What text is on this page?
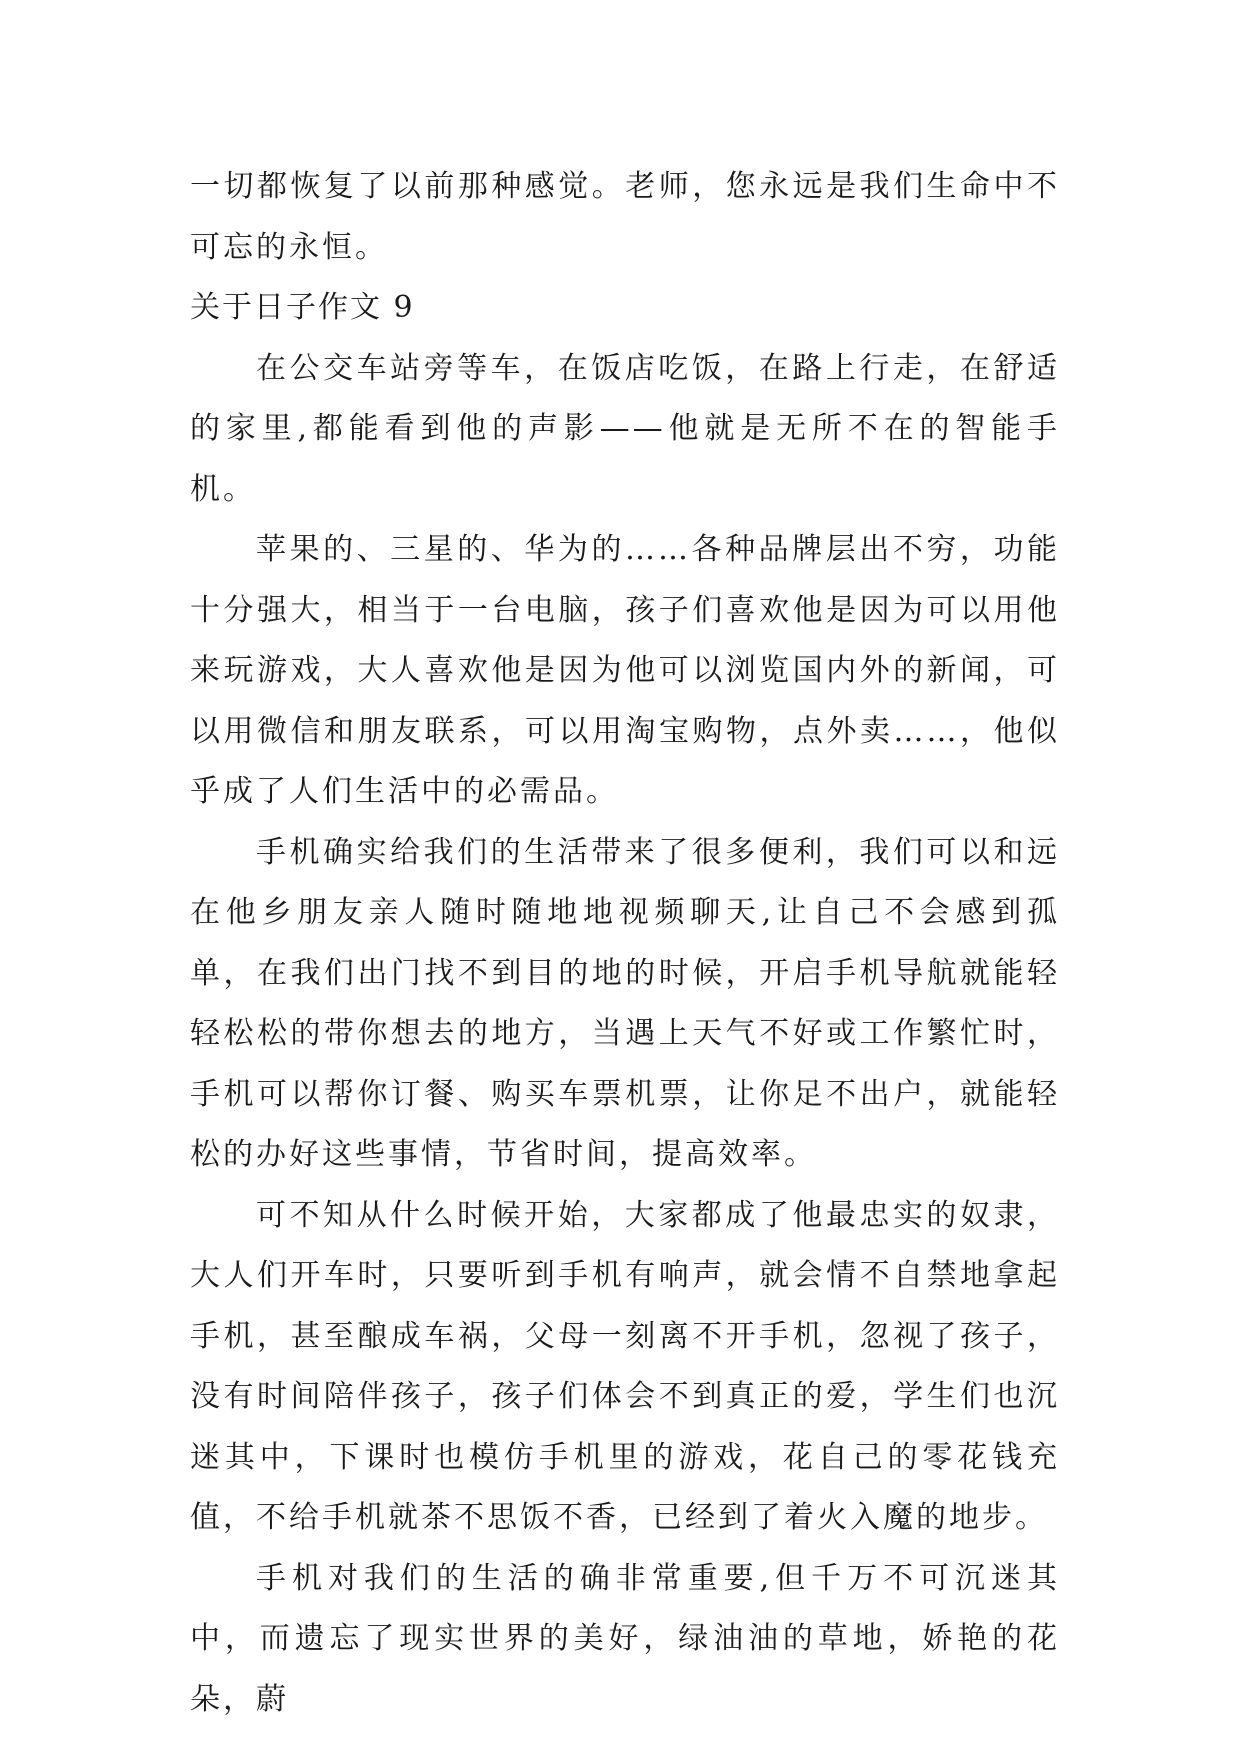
一切都恢复了以前那种感觉。老师，您永远是我们生命中不可忘的永恒。

关于日子作文 9

在公交车站旁等车，在饭店吃饭，在路上行走，在舒适的家里,都能看到他的声影——他就是无所不在的智能手机。

苹果的、三星的、华为的……各种品牌层出不穷，功能十分强大，相当于一台电脑，孩子们喜欢他是因为可以用他来玩游戏，大人喜欢他是因为他可以浏览国内外的新闻，可以用微信和朋友联系，可以用淘宝购物，点外卖……，他似乎成了人们生活中的必需品。

手机确实给我们的生活带来了很多便利，我们可以和远在他乡朋友亲人随时随地地视频聊天,让自己不会感到孤单，在我们出门找不到目的地的时候，开启手机导航就能轻轻松松的带你想去的地方，当遇上天气不好或工作繁忙时，手机可以帮你订餐、购买车票机票，让你足不出户，就能轻松的办好这些事情，节省时间，提高效率。

可不知从什么时候开始，大家都成了他最忠实的奴隶，大人们开车时，只要听到手机有响声，就会情不自禁地拿起手机，甚至酿成车祸，父母一刻离不开手机，忽视了孩子，没有时间陪伴孩子，孩子们体会不到真正的爱，学生们也沉迷其中，下课时也模仿手机里的游戏，花自己的零花钱充值，不给手机就茶不思饭不香，已经到了着火入魔的地步。

手机对我们的生活的确非常重要,但千万不可沉迷其中，而遗忘了现实世界的美好，绿油油的草地，娇艳的花朵，蔚
